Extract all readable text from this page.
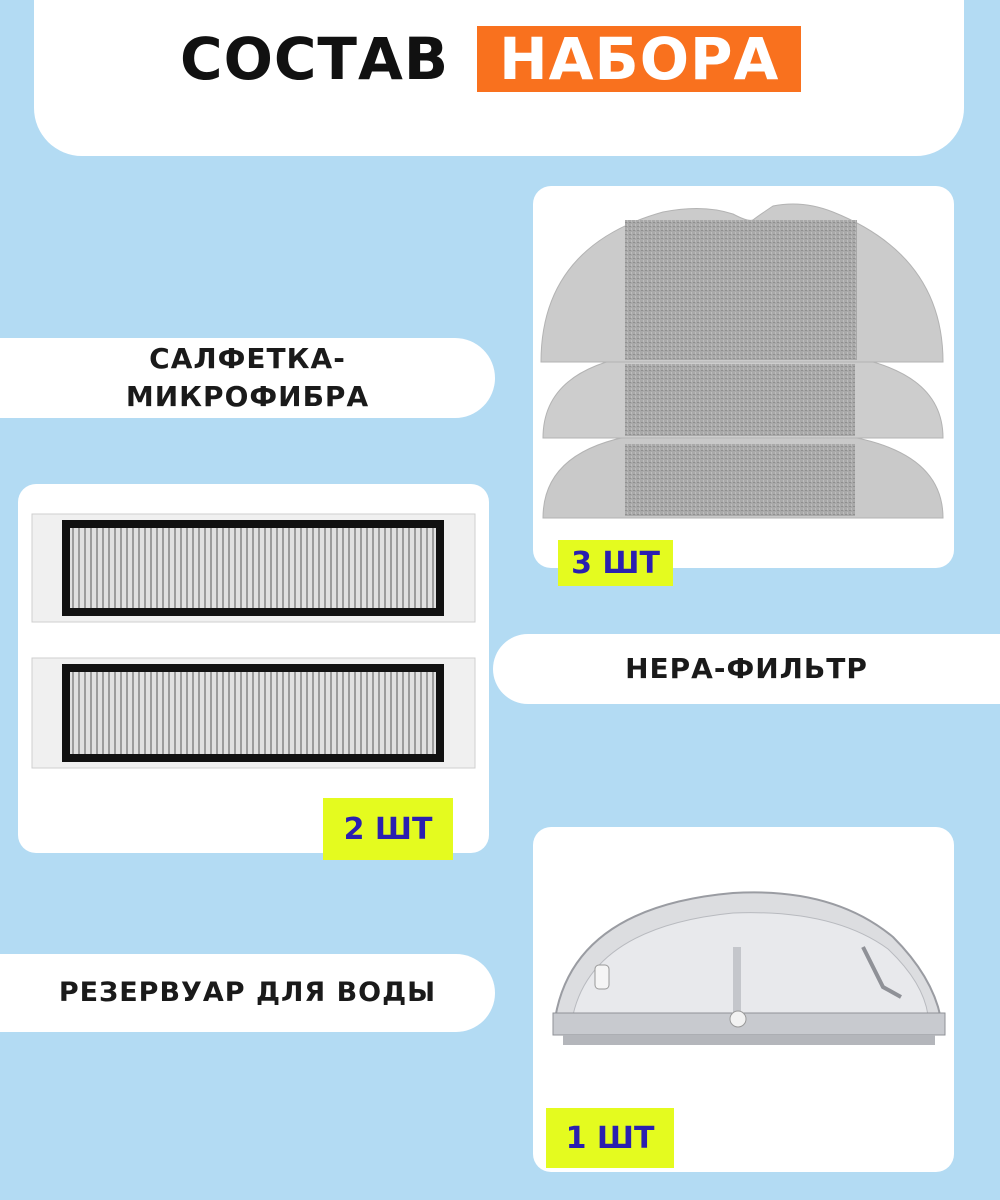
СОСТАВ НАБОРА
3 ШТ
САЛФЕТКА-
МИКРОФИБРА
2 ШТ
НЕРА-ФИЛЬТР
1 ШТ
РЕЗЕРВУАР ДЛЯ ВОДЫ
